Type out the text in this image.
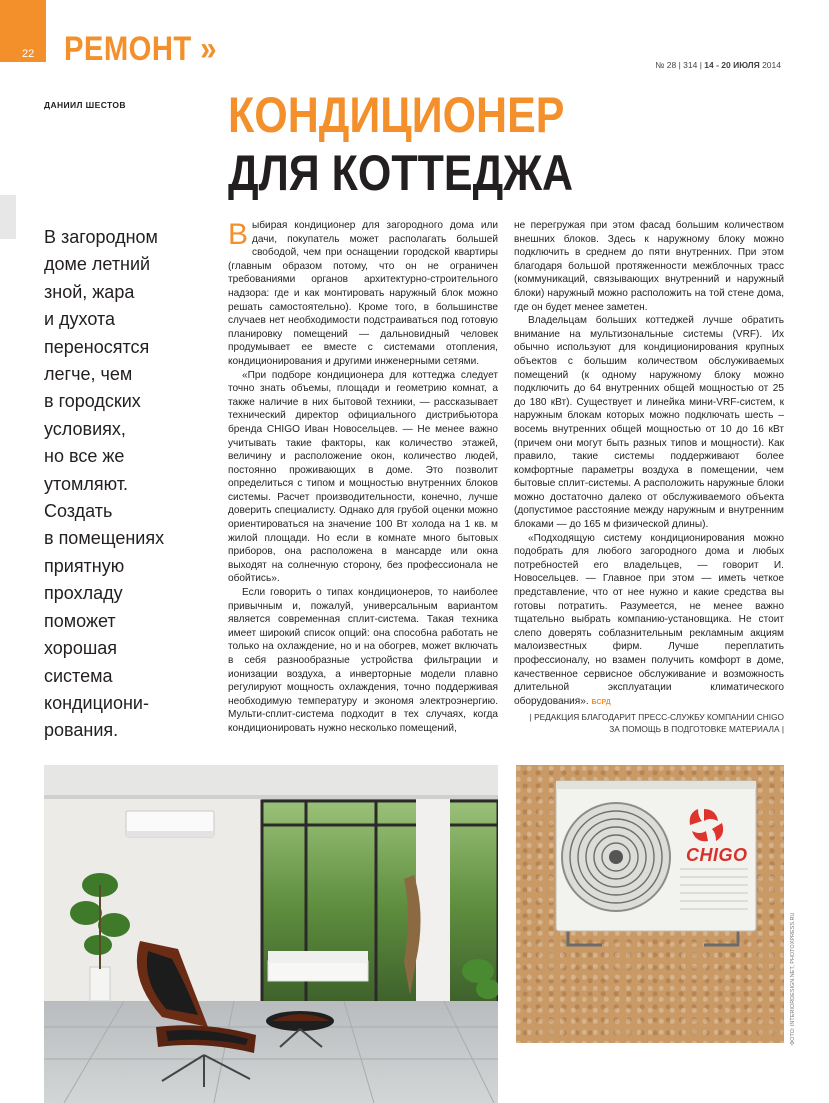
22 РЕМОНТ »	№ 28 | 314 | 14 - 20 ИЮЛЯ 2014
ДАНИИЛ ШЕСТОВ КОНДИЦИОНЕР
ДЛЯ КОТТЕДЖА
В загородном
доме летний
зной, жара
и духота
переносятся
легче, чем
в городских
условиях,
но все же
утомляют.
Создать
в помещениях
приятную
прохладу
поможет
хорошая
система
кондициони-
рования.

Выбирая кондиционер для загородного дома или дачи, покупатель может располагать большей свободой, чем при оснащении городской квартиры (главным образом потому, что он не ограничен требованиями органов архитектурно-строительного надзора: где и как монтировать наружный блок можно решать самостоятельно). Кроме того, в большинстве случаев нет необходимости подстраиваться под готовую планировку помещений — дальновидный человек продумывает ее вместе с системами отопления, кондиционирования и другими инженерными сетями.

«При подборе кондиционера для коттеджа следует точно знать объемы, площади и геометрию комнат, а также наличие в них бытовой техники, — рассказывает технический директор официального дистрибьютора бренда CHIGO Иван Новосельцев. — Не менее важно учитывать такие факторы, как количество этажей, величину и расположение окон, количество людей, постоянно проживающих в доме. Это позволит определиться с типом и мощностью внутренних блоков системы. Расчет производительности, конечно, лучше доверить специалисту. Однако для грубой оценки можно ориентироваться на значение 100 Вт холода на 1 кв. м жилой площади. Но если в комнате много бытовых приборов, она расположена в мансарде или окна выходят на солнечную сторону, без профессионала не обойтись».

Если говорить о типах кондиционеров, то наиболее привычным и, пожалуй, универсальным вариантом является современная сплит-система. Такая техника имеет широкий список опций: она способна работать не только на охлаждение, но и на обогрев, может включать в себя разнообразные устройства фильтрации и ионизации воздуха, а инверторные модели плавно регулируют мощность охлаждения, точно поддерживая необходимую температуру и экономя электроэнергию. Мульти-сплит-система подходит в тех случаях, когда кондиционировать нужно несколько помещений,

не перегружая при этом фасад большим количеством внешних блоков. Здесь к наружному блоку можно подключить в среднем до пяти внутренних. При этом благодаря большой протяженности межблочных трасс (коммуникаций, связывающих внутренний и наружный блоки) наружный можно расположить на той стене дома, где он будет менее заметен.

Владельцам больших коттеджей лучше обратить внимание на мультизональные системы (VRF). Их обычно используют для кондиционирования крупных объектов с большим количеством обслуживаемых помещений (к одному наружному блоку можно подключить до 64 внутренних общей мощностью от 25 до 180 кВт). Существует и линейка мини-VRF-систем, к наружным блокам которых можно подключать шесть – восемь внутренних общей мощностью от 10 до 16 кВт (причем они могут быть разных типов и мощности). Как правило, такие системы поддерживают более комфортные параметры воздуха в помещении, чем бытовые сплит-системы. А расположить наружные блоки можно достаточно далеко от обслуживаемого объекта (допустимое расстояние между наружным и внутренним блоками — до 165 м физической длины).

«Подходящую систему кондиционирования можно подобрать для любого загородного дома и любых потребностей его владельцев, — говорит И. Новосельцев. — Главное при этом — иметь четкое представление, что от нее нужно и какие средства вы готовы потратить. Разумеется, не менее важно тщательно выбрать компанию-установщика. Не стоит слепо доверять соблазнительным рекламным акциям малоизвестных фирм. Лучше переплатить профессионалу, но взамен получить комфорт в доме, качественное сервисное обслуживание и возможность длительной эксплуатации климатического оборудования». БСРД

| РЕДАКЦИЯ БЛАГОДАРИТ ПРЕСС-СЛУЖБУ КОМПАНИИ CHIGO
ЗА ПОМОЩЬ В ПОДГОТОВКЕ МАТЕРИАЛА |
CHIGO
ФОТО: INTERIORDESIGN.NET, PHOTOXPRESS.RU
